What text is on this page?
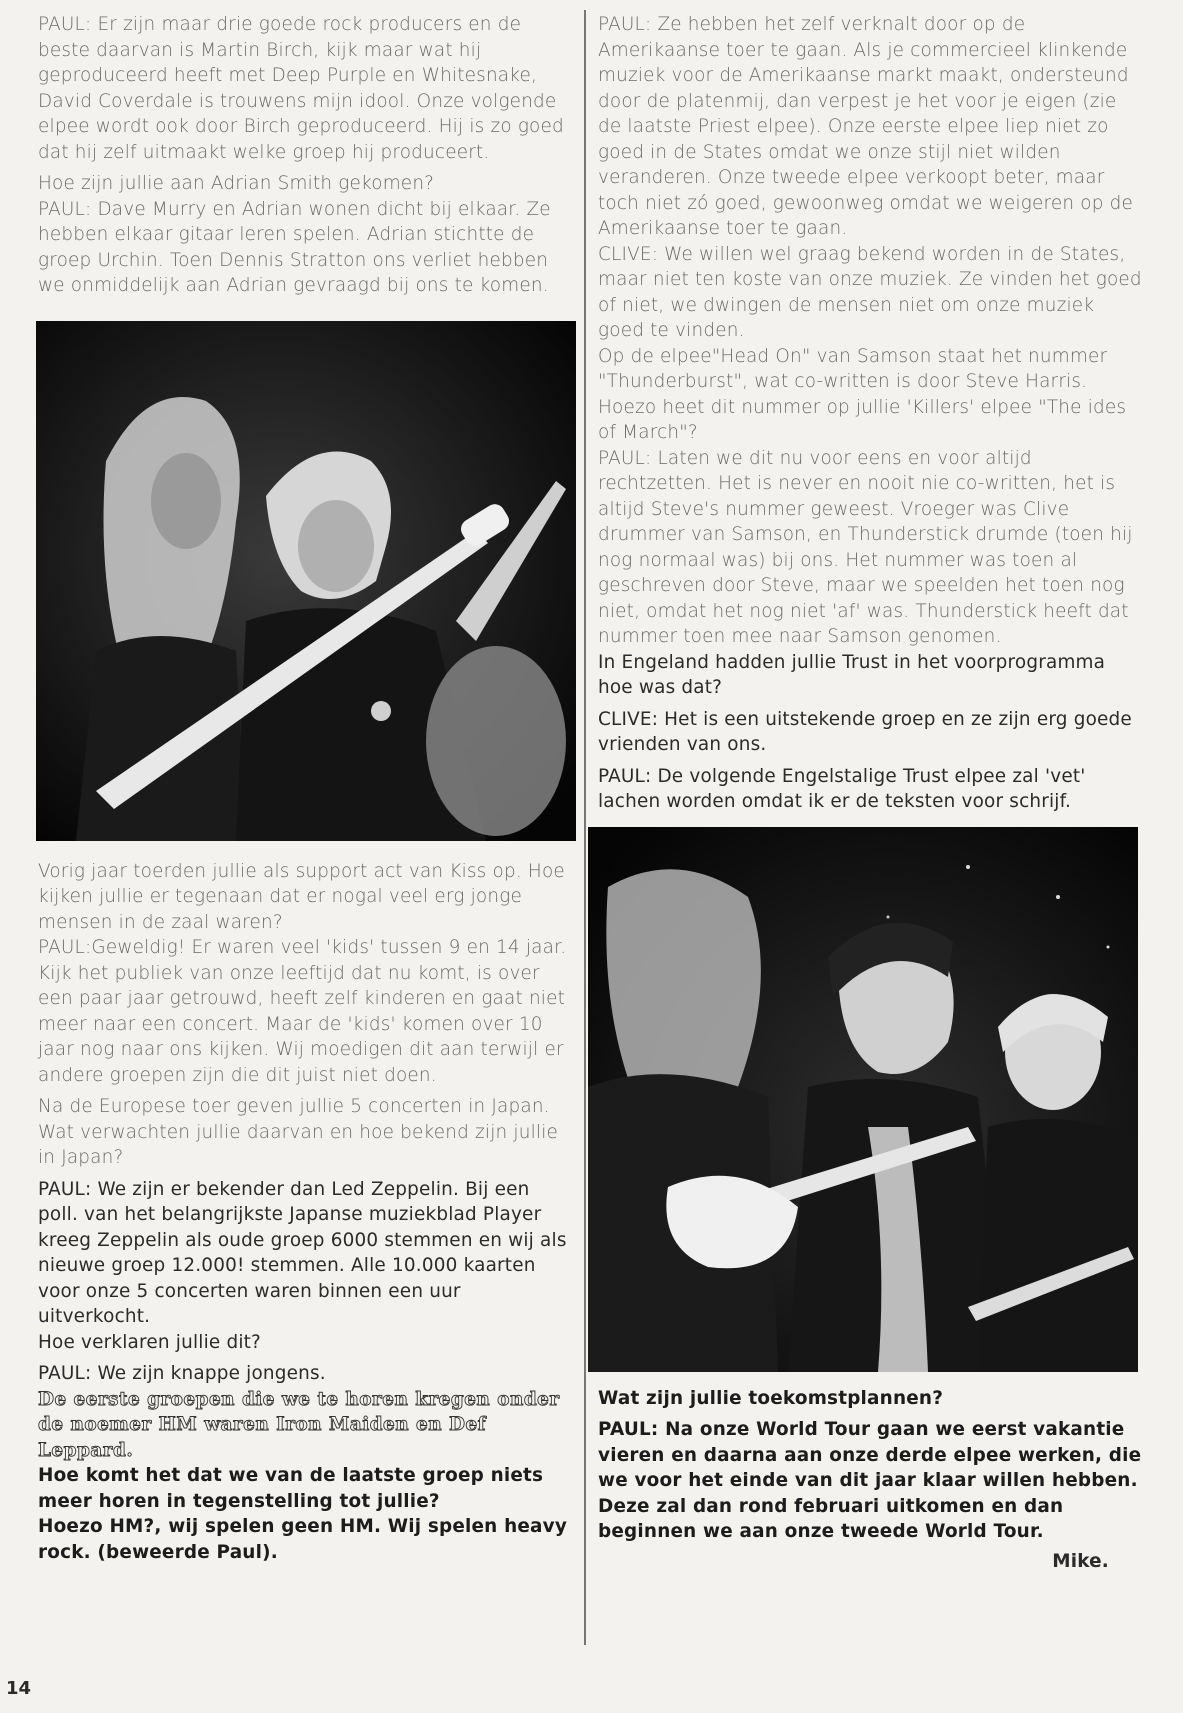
PAUL: Er zijn maar drie goede rock producers en de beste daarvan is Martin Birch, kijk maar wat hij geproduceerd heeft met Deep Purple en Whitesnake, David Coverdale is trouwens mijn idool. Onze volgende elpee wordt ook door Birch geproduceerd. Hij is zo goed dat hij zelf uitmaakt welke groep hij produceert.

Hoe zijn jullie aan Adrian Smith gekomen?

PAUL: Dave Murry en Adrian wonen dicht bij elkaar. Ze hebben elkaar gitaar leren spelen. Adrian stichtte de groep Urchin. Toen Dennis Stratton ons verliet hebben we onmiddelijk aan Adrian gevraagd bij ons te komen.

Vorig jaar toerden jullie als support act van Kiss op. Hoe kijken jullie er tegenaan dat er nogal veel erg jonge mensen in de zaal waren?

PAUL:Geweldig! Er waren veel 'kids' tussen 9 en 14 jaar. Kijk het publiek van onze leeftijd dat nu komt, is over een paar jaar getrouwd, heeft zelf kinderen en gaat niet meer naar een concert. Maar de 'kids' komen over 10 jaar nog naar ons kijken. Wij moedigen dit aan terwijl er andere groepen zijn die dit juist niet doen.

Na de Europese toer geven jullie 5 concerten in Japan. Wat verwachten jullie daarvan en hoe bekend zijn jullie in Japan?

PAUL: We zijn er bekender dan Led Zeppelin. Bij een poll. van het belangrijkste Japanse muziekblad Player kreeg Zeppelin als oude groep 6000 stemmen en wij als nieuwe groep 12.000! stemmen. Alle 10.000 kaarten voor onze 5 concerten waren binnen een uur uitverkocht.

Hoe verklaren jullie dit?

PAUL: We zijn knappe jongens.

De eerste groepen die we te horen kregen onder de noemer HM waren Iron Maiden en Def Leppard.

Hoe komt het dat we van de laatste groep niets meer horen in tegenstelling tot jullie?

Hoezo HM?, wij spelen geen HM. Wij spelen heavy rock. (beweerde Paul).

PAUL: Ze hebben het zelf verknalt door op de Amerikaanse toer te gaan. Als je commercieel klinkende muziek voor de Amerikaanse markt maakt, ondersteund door de platenmij, dan verpest je het voor je eigen (zie de laatste Priest elpee). Onze eerste elpee liep niet zo goed in de States omdat we onze stijl niet wilden veranderen. Onze tweede elpee verkoopt beter, maar toch niet zó goed, gewoonweg omdat we weigeren op de Amerikaanse toer te gaan.

CLIVE: We willen wel graag bekend worden in de States, maar niet ten koste van onze muziek. Ze vinden het goed of niet, we dwingen de mensen niet om onze muziek goed te vinden.

Op de elpee"Head On" van Samson staat het nummer "Thunderburst", wat co-written is door Steve Harris. Hoezo heet dit nummer op jullie 'Killers' elpee "The ides of March"?

PAUL: Laten we dit nu voor eens en voor altijd rechtzetten. Het is never en nooit nie co-written, het is altijd Steve's nummer geweest. Vroeger was Clive drummer van Samson, en Thunderstick drumde (toen hij nog normaal was) bij ons. Het nummer was toen al geschreven door Steve, maar we speelden het toen nog niet, omdat het nog niet 'af' was. Thunderstick heeft dat nummer toen mee naar Samson genomen.

In Engeland hadden jullie Trust in het voorprogramma hoe was dat?

CLIVE: Het is een uitstekende groep en ze zijn erg goede vrienden van ons.

PAUL: De volgende Engelstalige Trust elpee zal 'vet' lachen worden omdat ik er de teksten voor schrijf.

Wat zijn jullie toekomstplannen?

PAUL: Na onze World Tour gaan we eerst vakantie vieren en daarna aan onze derde elpee werken, die we voor het einde van dit jaar klaar willen hebben. Deze zal dan rond februari uitkomen en dan beginnen we aan onze tweede World Tour.

Mike.
14
